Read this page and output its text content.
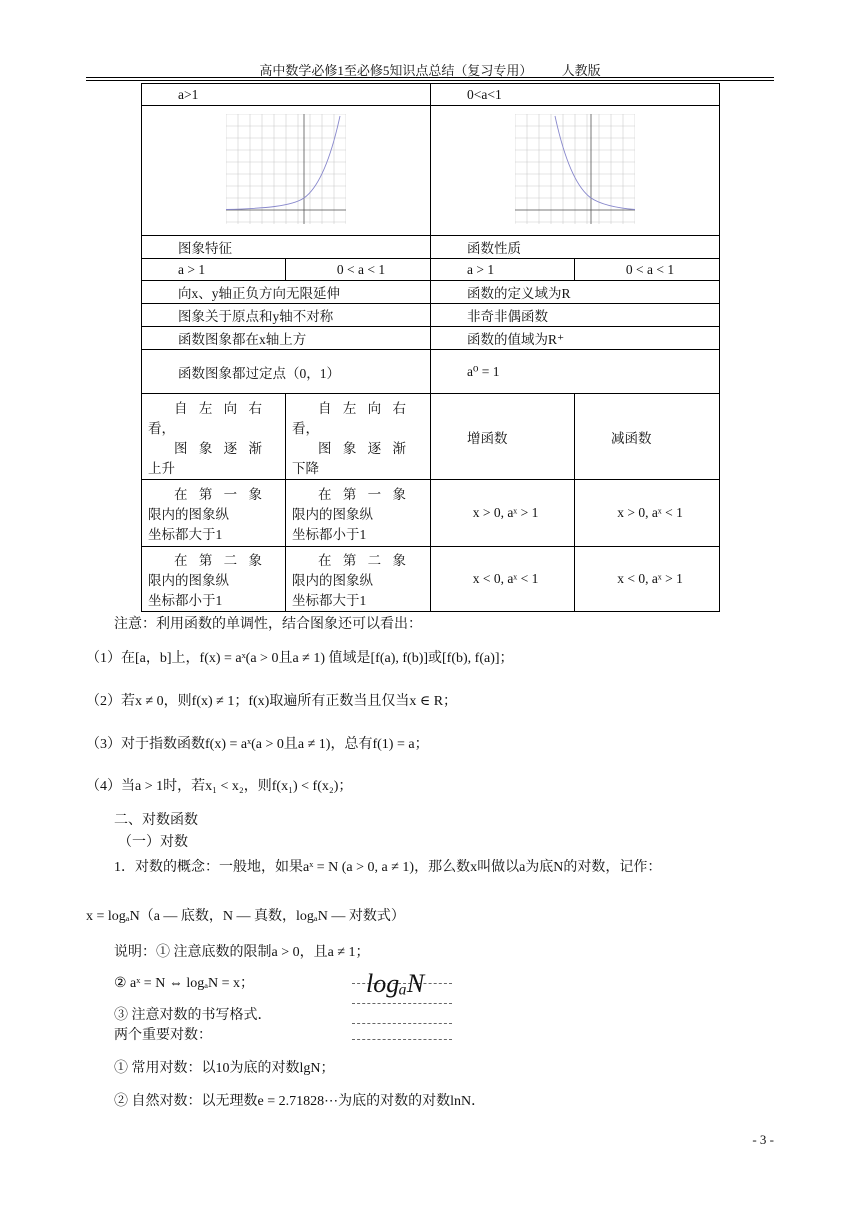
高中数学必修1至必修5知识点总结（复习专用） 人教版
a>1		0<a<1	

图象特征		函数性质	
a > 1	0 < a < 1	a > 1	0 < a < 1
向x、y轴正负方向无限延伸		函数的定义域为R	
图象关于原点和y轴不对称		非奇非偶函数	
函数图象都在x轴上方		函数的值域为R⁺	
函数图象都过定点（0，1）		a⁰ = 1	

自左向右
看，
图象逐渐
上升	自左向右
看，
图象逐渐
下降	增函数	减函数

在第一象
限内的图象纵
坐标都大于1	在第一象
限内的图象纵
坐标都小于1	x > 0, aˣ > 1	x > 0, aˣ < 1

在第二象
限内的图象纵
坐标都小于1	在第二象
限内的图象纵
坐标都大于1	x < 0, aˣ < 1	x < 0, aˣ > 1
注意：利用函数的单调性，结合图象还可以看出：
（1）在[a，b]上，f(x) = aˣ(a > 0且a ≠ 1) 值域是[f(a), f(b)]或[f(b), f(a)]；
（2）若x ≠ 0，则f(x) ≠ 1；f(x)取遍所有正数当且仅当x ∈ R；
（3）对于指数函数f(x) = aˣ(a > 0且a ≠ 1)，总有f(1) = a；
（4）当a > 1时，若x₁ < x₂，则f(x₁) < f(x₂)；
二、对数函数
（一）对数
1．对数的概念：一般地，如果aˣ = N (a > 0, a ≠ 1)，那么数x叫做以a为底N的对数，记作：
x = logₐN（a — 底数，N — 真数，logₐN — 对数式）
说明：① 注意底数的限制a > 0，且a ≠ 1；
② aˣ = N ⇔ logₐN = x；
③ 注意对数的书写格式．
两个重要对数：
① 常用对数：以10为底的对数lgN；
② 自然对数：以无理数e = 2.71828⋯为底的对数的对数lnN．
logₐN
- 3 -
